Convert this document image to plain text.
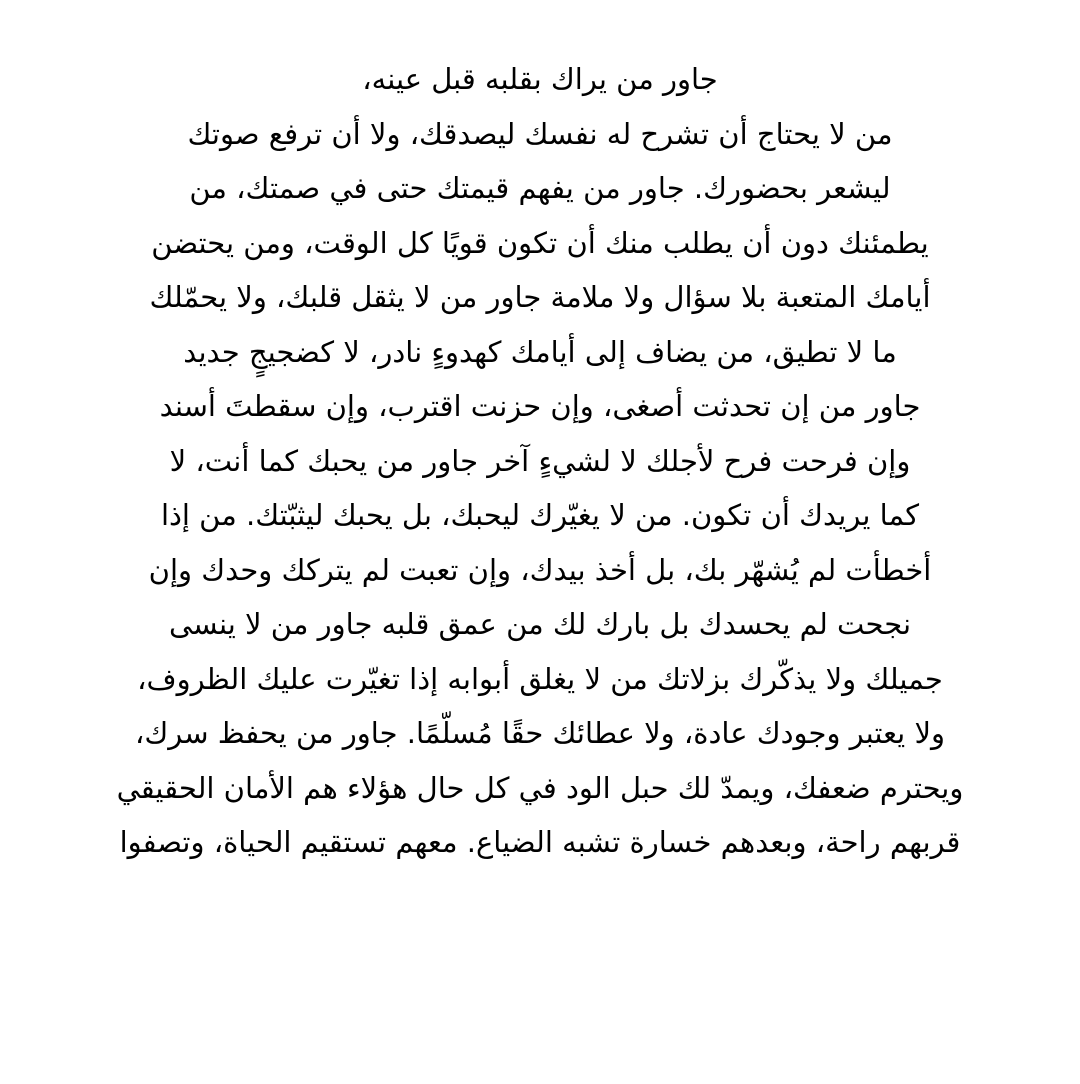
جاور من يراك بقلبه قبل عينه،
من لا يحتاج أن تشرح له نفسك ليصدقك، ولا أن ترفع صوتك
ليشعر بحضورك. جاور من يفهم قيمتك حتى في صمتك، من
يطمئنك دون أن يطلب منك أن تكون قويًا كل الوقت، ومن يحتضن
أيامك المتعبة بلا سؤال ولا ملامة جاور من لا يثقل قلبك، ولا يحمّلك
ما لا تطيق، من يضاف إلى أيامك كهدوءٍ نادر، لا كضجيجٍ جديد
جاور من إن تحدثت أصغى، وإن حزنت اقترب، وإن سقطتَ أسند
وإن فرحت فرح لأجلك لا لشيءٍ آخر جاور من يحبك كما أنت، لا
كما يريدك أن تكون. من لا يغيّرك ليحبك، بل يحبك ليثبّتك. من إذا
أخطأت لم يُشهّر بك، بل أخذ بيدك، وإن تعبت لم يتركك وحدك وإن
نجحت لم يحسدك بل بارك لك من عمق قلبه جاور من لا ينسى
جميلك ولا يذكّرك بزلاتك من لا يغلق أبوابه إذا تغيّرت عليك الظروف،
ولا يعتبر وجودك عادة، ولا عطائك حقًا مُسلّمًا. جاور من يحفظ سرك،
ويحترم ضعفك، ويمدّ لك حبل الود في كل حال هؤلاء هم الأمان الحقيقي
قربهم راحة، وبعدهم خسارة تشبه الضياع. معهم تستقيم الحياة، وتصفوا
